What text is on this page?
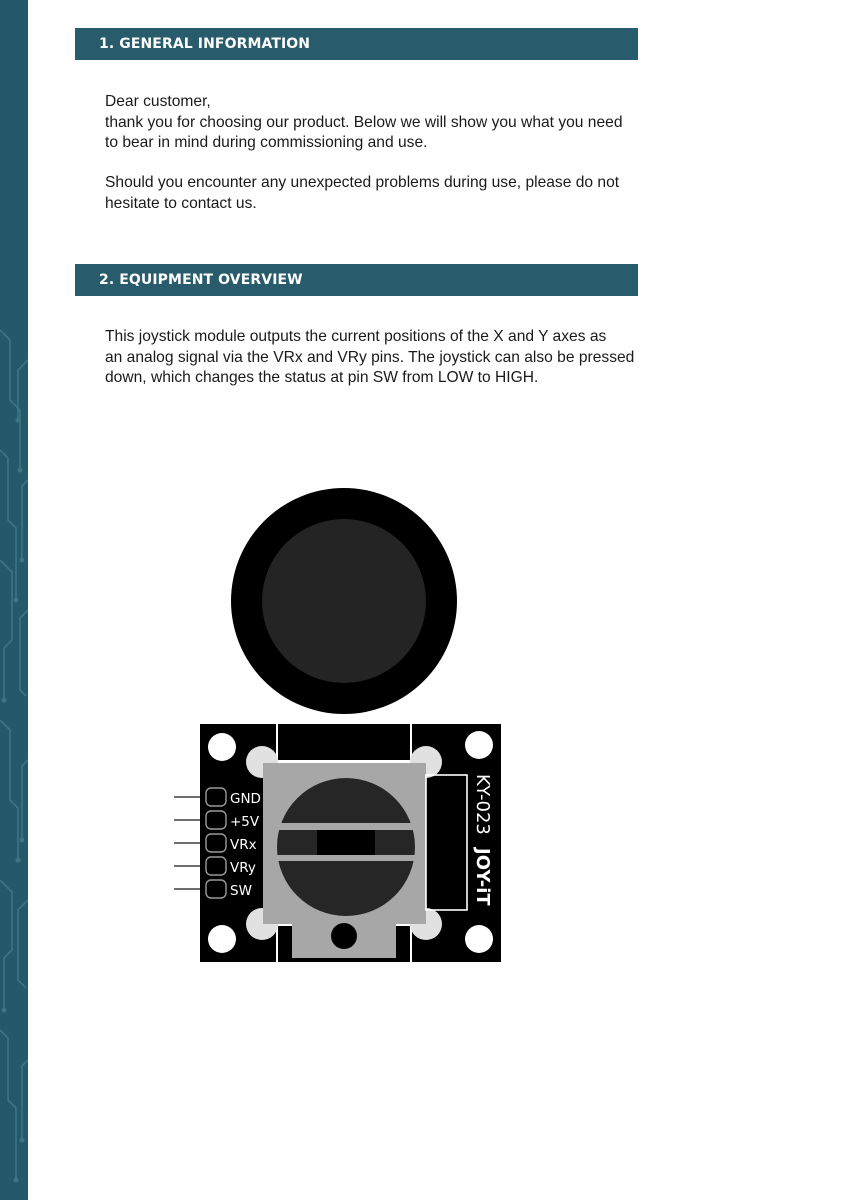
1. GENERAL INFORMATION

Dear customer,
thank you for choosing our product. Below we will show you what you need
to bear in mind during commissioning and use.

Should you encounter any unexpected problems during use, please do not
hesitate to contact us.

2. EQUIPMENT OVERVIEW

This joystick module outputs the current positions of the X and Y axes as
an analog signal via the VRx and VRy pins. The joystick can also be pressed
down, which changes the status at pin SW from LOW to HIGH.

GND
+5V
VRx
VRy
SW
KY-023
JOY-iT
